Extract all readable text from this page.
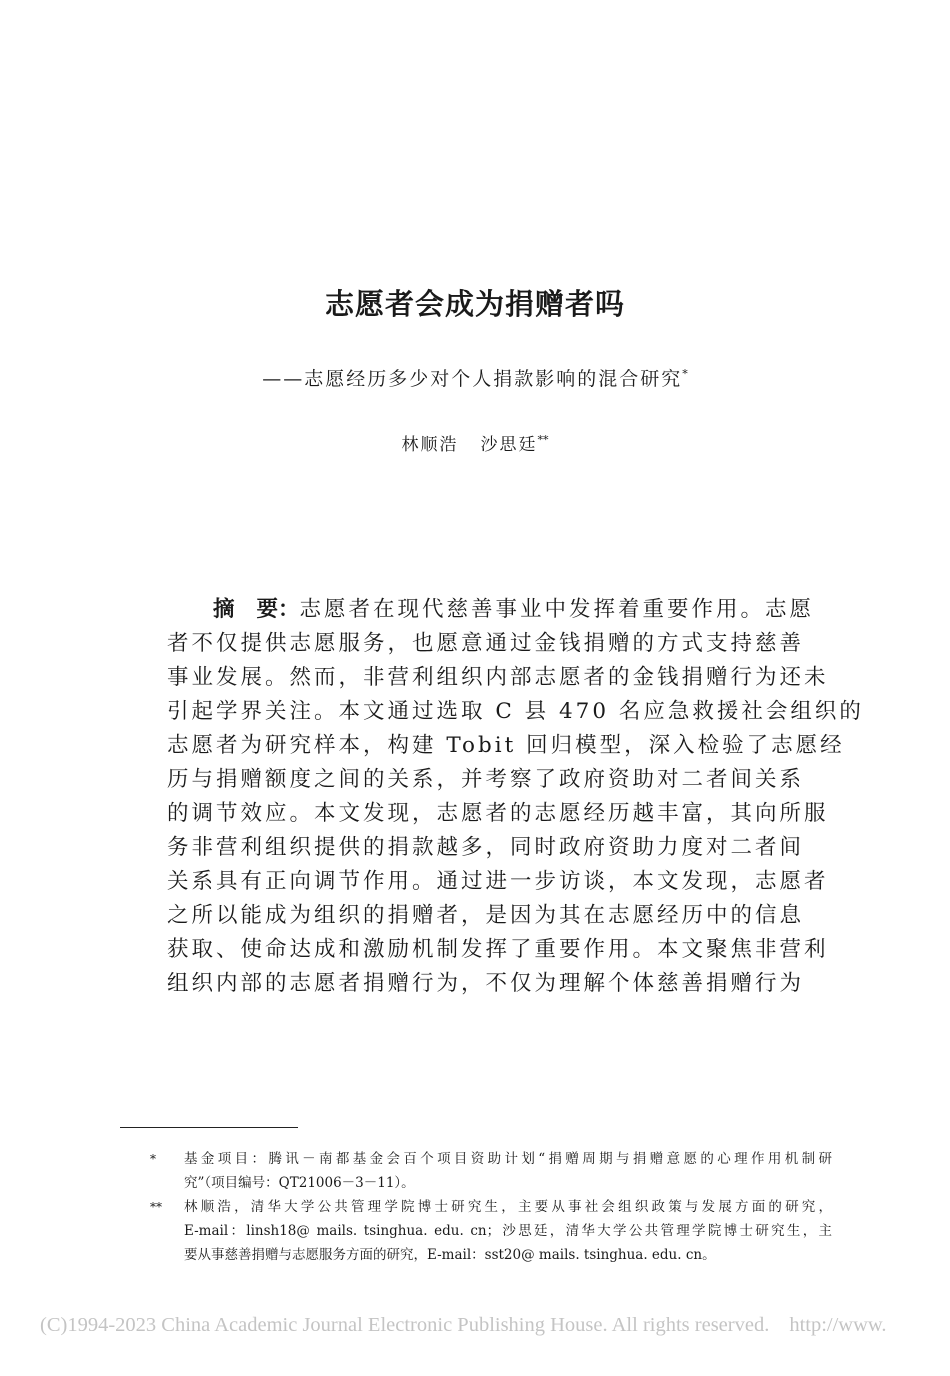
志愿者会成为捐赠者吗
——志愿经历多少对个人捐款影响的混合研究*
林顺浩 沙思廷**
摘 要：志愿者在现代慈善事业中发挥着重要作用。志愿
者不仅提供志愿服务，也愿意通过金钱捐赠的方式支持慈善
事业发展。然而，非营利组织内部志愿者的金钱捐赠行为还未
引起学界关注。本文通过选取 C 县 470 名应急救援社会组织的
志愿者为研究样本，构建 Tobit 回归模型，深入检验了志愿经
历与捐赠额度之间的关系，并考察了政府资助对二者间关系
的调节效应。本文发现，志愿者的志愿经历越丰富，其向所服
务非营利组织提供的捐款越多，同时政府资助力度对二者间
关系具有正向调节作用。通过进一步访谈，本文发现，志愿者
之所以能成为组织的捐赠者，是因为其在志愿经历中的信息
获取、使命达成和激励机制发挥了重要作用。本文聚焦非营利
组织内部的志愿者捐赠行为，不仅为理解个体慈善捐赠行为
* 基金项目：腾讯－南都基金会百个项目资助计划“捐赠周期与捐赠意愿的心理作用机制研
究”（项目编号：QT21006－3－11）。
** 林顺浩，清华大学公共管理学院博士研究生，主要从事社会组织政策与发展方面的研究，
E-mail：linsh18@ mails. tsinghua. edu. cn；沙思廷，清华大学公共管理学院博士研究生，主
要从事慈善捐赠与志愿服务方面的研究，E-mail：sst20@ mails. tsinghua. edu. cn。
(C)1994-2023 China Academic Journal Electronic Publishing House. All rights reserved. http://www.
